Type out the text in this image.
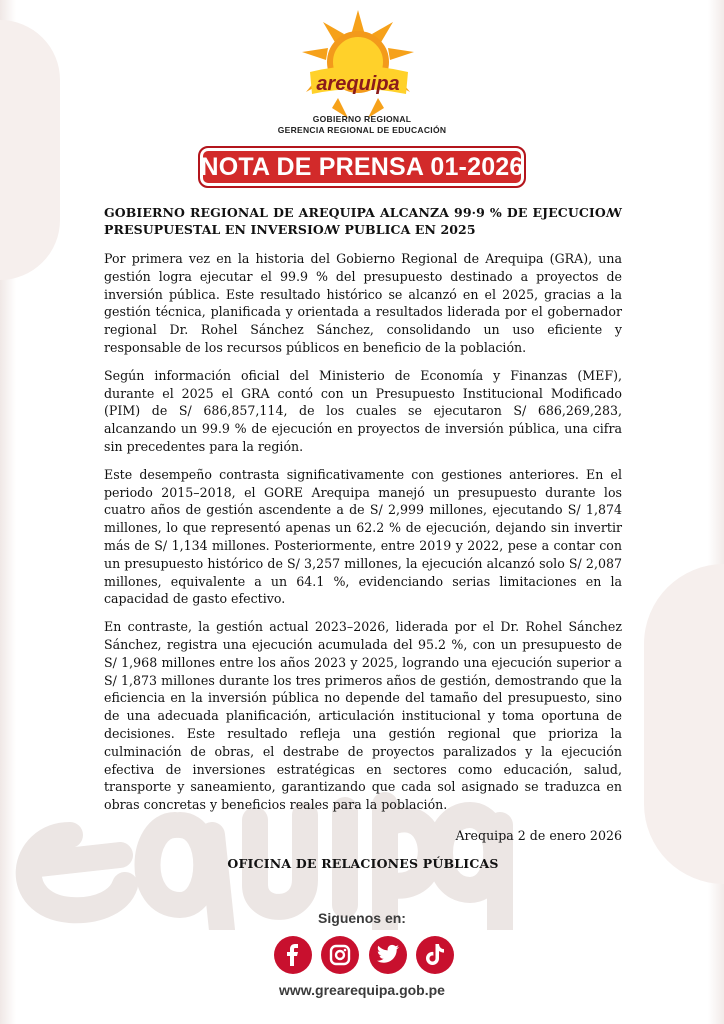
arequipa
GOBIERNO REGIONAL
GERENCIA REGIONAL DE EDUCACIÓN
NOTA DE PRENSA 01-2026

GOBIERNO REGIONAL DE AREQUIPA ALCANZA 99·9 % DE EJECUCIOꟿ PRESUPUESTAL EN INVERSIOꟿ PUBLICA EN 2025

Por primera vez en la historia del Gobierno Regional de Arequipa (GRA), una gestión logra ejecutar el 99.9 % del presupuesto destinado a proyectos de inversión pública. Este resultado histórico se alcanzó en el 2025, gracias a la gestión técnica, planificada y orientada a resultados liderada por el gobernador regional Dr. Rohel Sánchez Sánchez, consolidando un uso eficiente y responsable de los recursos públicos en beneficio de la población.

Según información oficial del Ministerio de Economía y Finanzas (MEF), durante el 2025 el GRA contó con un Presupuesto Institucional Modificado (PIM) de S/ 686,857,114, de los cuales se ejecutaron S/ 686,269,283, alcanzando un 99.9 % de ejecución en proyectos de inversión pública, una cifra sin precedentes para la región.

Este desempeño contrasta significativamente con gestiones anteriores. En el periodo 2015–2018, el GORE Arequipa manejó un presupuesto durante los cuatro años de gestión ascendente a de S/ 2,999 millones, ejecutando S/ 1,874 millones, lo que representó apenas un 62.2 % de ejecución, dejando sin invertir más de S/ 1,134 millones. Posteriormente, entre 2019 y 2022, pese a contar con un presupuesto histórico de S/ 3,257 millones, la ejecución alcanzó solo S/ 2,087 millones, equivalente a un 64.1 %, evidenciando serias limitaciones en la capacidad de gasto efectivo.

En contraste, la gestión actual 2023–2026, liderada por el Dr. Rohel Sánchez Sánchez, registra una ejecución acumulada del 95.2 %, con un presupuesto de S/ 1,968 millones entre los años 2023 y 2025, logrando una ejecución superior a S/ 1,873 millones durante los tres primeros años de gestión, demostrando que la eficiencia en la inversión pública no depende del tamaño del presupuesto, sino de una adecuada planificación, articulación institucional y toma oportuna de decisiones. Este resultado refleja una gestión regional que prioriza la culminación de obras, el destrabe de proyectos paralizados y la ejecución efectiva de inversiones estratégicas en sectores como educación, salud, transporte y saneamiento, garantizando que cada sol asignado se traduzca en obras concretas y beneficios reales para la población.

Arequipa 2 de enero 2026
OFICINA DE RELACIONES PÚBLICAS
Siguenos en:
www.grearequipa.gob.pe
